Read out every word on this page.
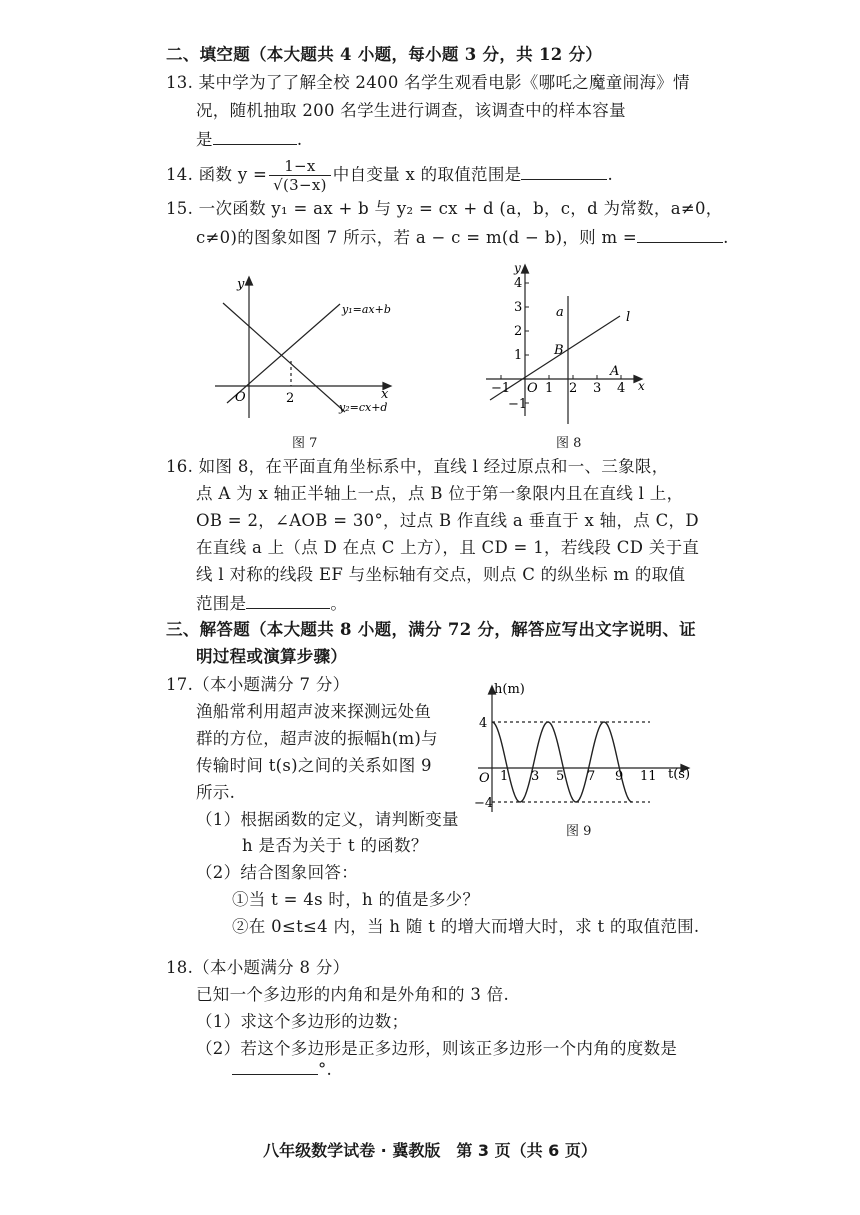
二、填空题（本大题共 4 小题，每小题 3 分，共 12 分）
13. 某中学为了了解全校 2400 名学生观看电影《哪吒之魔童闹海》情
况，随机抽取 200 名学生进行调查，该调查中的样本容量
是	.
14. 函数 $y = \frac{1-x}{√(3-x)}$ 中自变量 x 的取值范围是	.
15. 一次函数 y₁ = ax + b 与 y₂ = cx + d (a，b，c，d 为常数，a≠0，
c≠0)的图象如图 7 所示，若 a − c = m(d − b)，则 m =	.
y
x
O	2
y₁=ax+b
y₂=cx+d
图 7
y
x
O
4
3
2
1
−1
−1	1 2 3 4
a	l
B
A
图 8
16. 如图 8，在平面直角坐标系中，直线 l 经过原点和一、三象限，
点 A 为 x 轴正半轴上一点，点 B 位于第一象限内且在直线 l 上，
OB = 2，∠AOB = 30°，过点 B 作直线 a 垂直于 x 轴，点 C，D
在直线 a 上（点 D 在点 C 上方），且 CD = 1，若线段 CD 关于直
线 l 对称的线段 EF 与坐标轴有交点，则点 C 的纵坐标 m 的取值
范围是	。
三、解答题（本大题共 8 小题，满分 72 分，解答应写出文字说明、证
明过程或演算步骤）
17.（本小题满分 7 分）
渔船常利用超声波来探测远处鱼
群的方位，超声波的振幅h(m)与
传输时间 t(s)之间的关系如图 9
所示.
（1）根据函数的定义，请判断变量
h 是否为关于 t 的函数？
（2）结合图象回答：
①当 t = 4s 时，h 的值是多少？
②在 0≤t≤4 内，当 h 随 t 的增大而增大时，求 t 的取值范围.
h(m)
t(s)
O
4
−4
1 3 5 7 9 11
图 9
18.（本小题满分 8 分）
已知一个多边形的内角和是外角和的 3 倍.
（1）求这个多边形的边数；
（2）若这个多边形是正多边形，则该正多边形一个内角的度数是
°.
八年级数学试卷 · 冀教版　第 3 页（共 6 页）
